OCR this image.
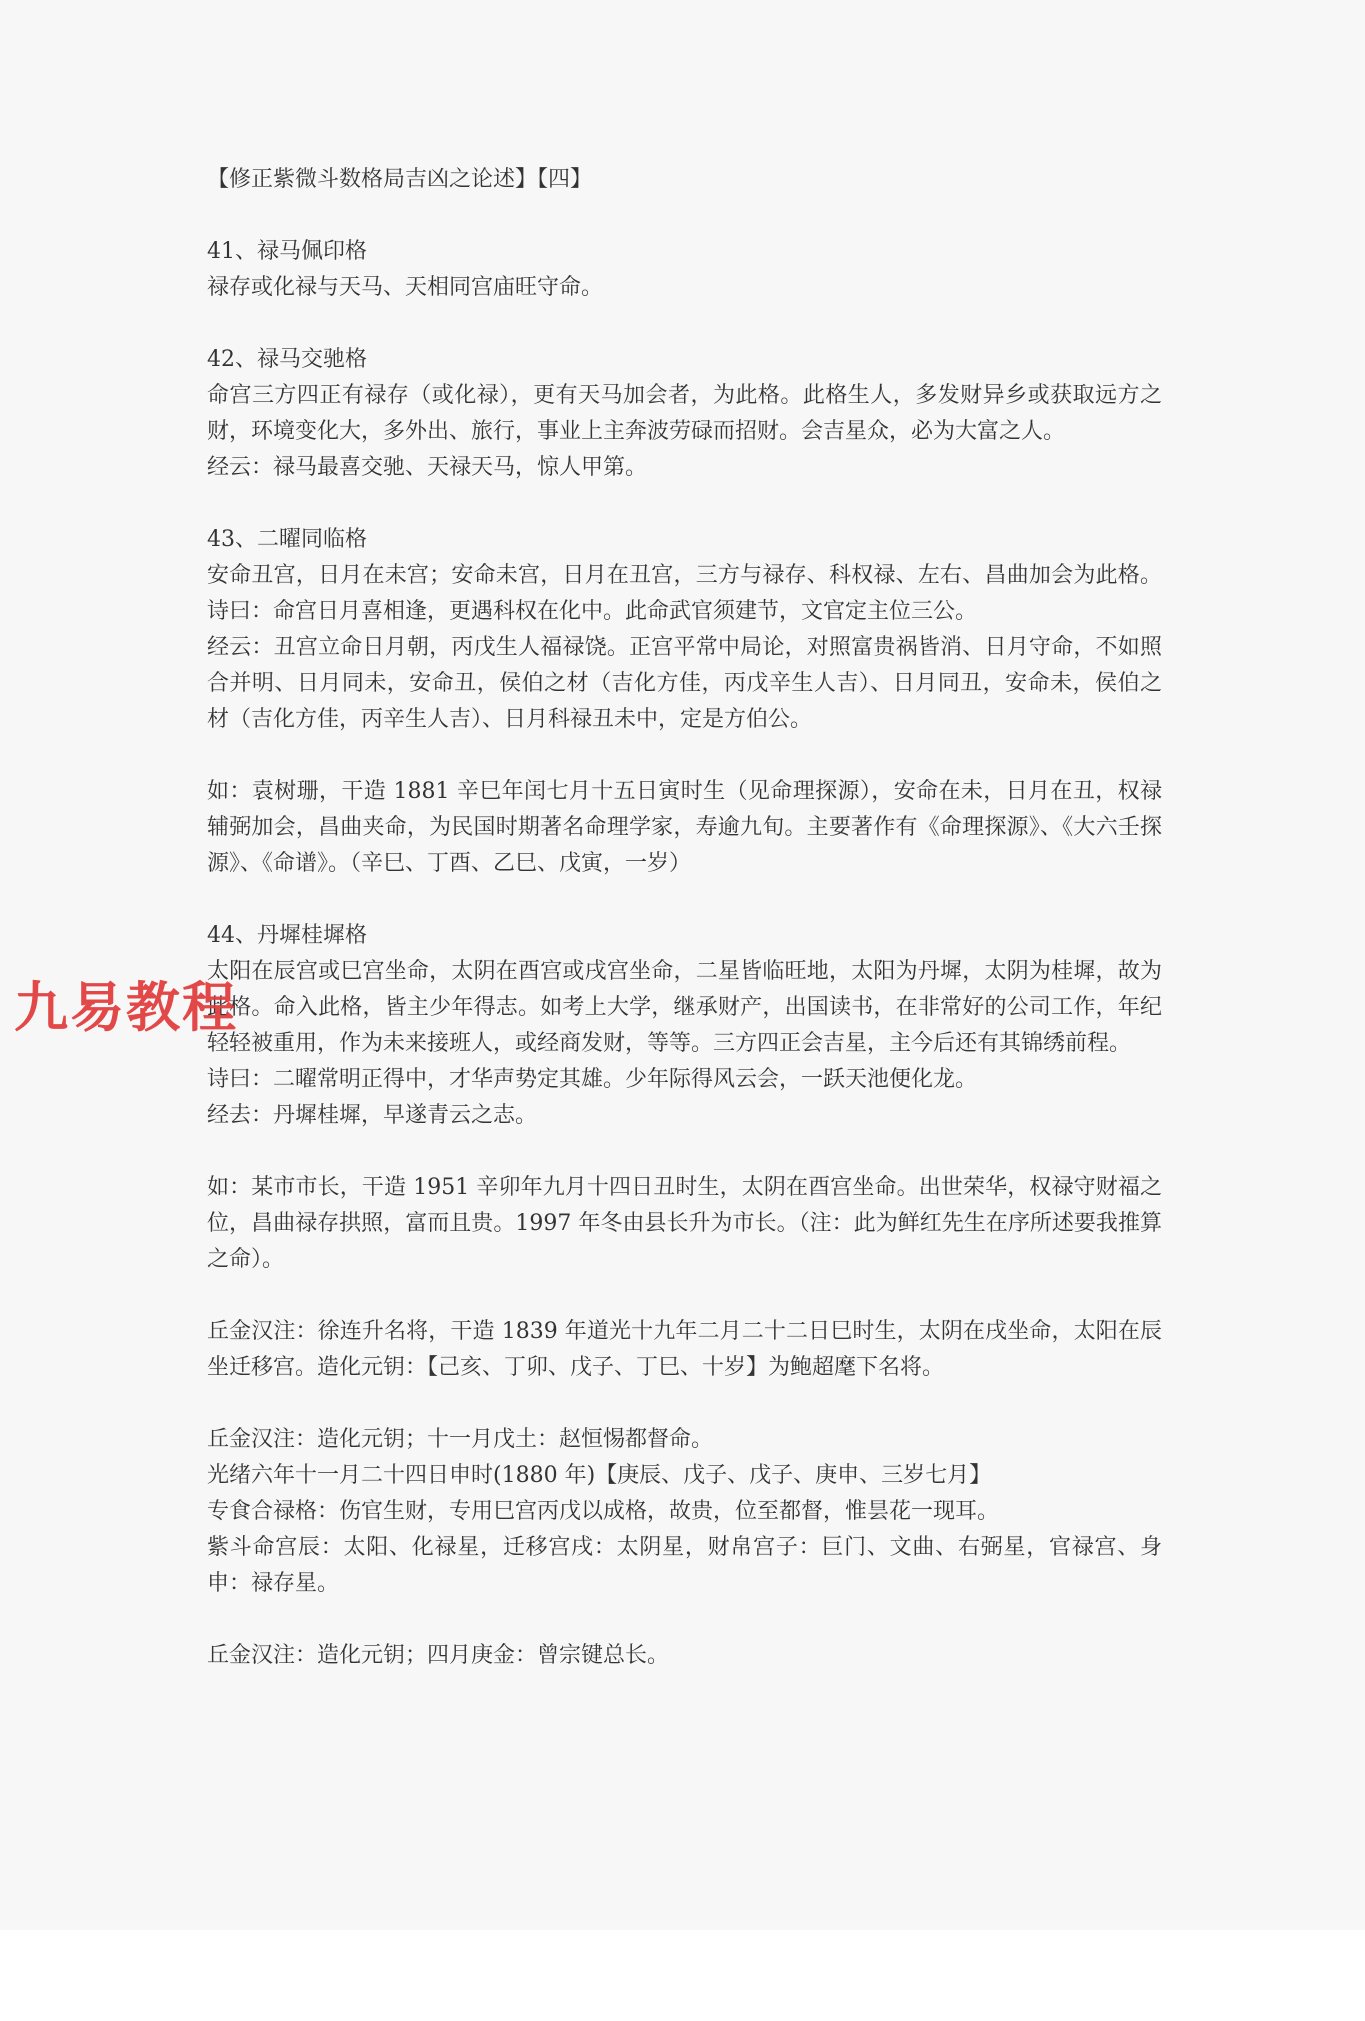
【修正紫微斗数格局吉凶之论述】【四】
41、禄马佩印格
禄存或化禄与天马、天相同宫庙旺守命。
42、禄马交驰格
命宫三方四正有禄存（或化禄），更有天马加会者，为此格。此格生人，多发财异乡或获取远方之财，环境变化大，多外出、旅行，事业上主奔波劳碌而招财。会吉星众，必为大富之人。
经云：禄马最喜交驰、天禄天马，惊人甲第。
43、二曜同临格
安命丑宫，日月在未宫；安命未宫，日月在丑宫，三方与禄存、科权禄、左右、昌曲加会为此格。诗曰：命宫日月喜相逢，更遇科权在化中。此命武官须建节，文官定主位三公。
经云：丑宫立命日月朝，丙戊生人福禄饶。正宫平常中局论，对照富贵祸皆消、日月守命，不如照合并明、日月同未，安命丑，侯伯之材（吉化方佳，丙戊辛生人吉）、日月同丑，安命未，侯伯之材（吉化方佳，丙辛生人吉）、日月科禄丑未中，定是方伯公。
如：袁树珊，干造 1881 辛巳年闰七月十五日寅时生（见命理探源），安命在未，日月在丑，权禄辅弼加会，昌曲夹命，为民国时期著名命理学家，寿逾九旬。主要著作有《命理探源》、《大六壬探源》、《命谱》。（辛巳、丁酉、乙巳、戊寅，一岁）
44、丹墀桂墀格
太阳在辰宫或巳宫坐命，太阴在酉宫或戌宫坐命，二星皆临旺地，太阳为丹墀，太阴为桂墀，故为此格。命入此格，皆主少年得志。如考上大学，继承财产，出国读书，在非常好的公司工作，年纪轻轻被重用，作为未来接班人，或经商发财，等等。三方四正会吉星，主今后还有其锦绣前程。
诗曰：二曜常明正得中，才华声势定其雄。少年际得风云会，一跃天池便化龙。
经去：丹墀桂墀，早遂青云之志。
如：某市市长，干造 1951 辛卯年九月十四日丑时生，太阴在酉宫坐命。出世荣华，权禄守财福之位，昌曲禄存拱照，富而且贵。1997 年冬由县长升为市长。（注：此为鲜红先生在序所述要我推算之命）。
丘金汉注：徐连升名将，干造 1839 年道光十九年二月二十二日巳时生，太阴在戌坐命，太阳在辰坐迁移宫。造化元钥：【己亥、丁卯、戊子、丁巳、十岁】为鲍超麾下名将。
丘金汉注：造化元钥；十一月戊土：赵恒惕都督命。
光绪六年十一月二十四日申时(1880 年)【庚辰、戊子、戊子、庚申、三岁七月】
专食合禄格：伤官生财，专用巳宫丙戊以成格，故贵，位至都督，惟昙花一现耳。
紫斗命宫辰：太阳、化禄星，迁移宫戌：太阴星，财帛宫子：巨门、文曲、右弼星，官禄宫、身申：禄存星。
丘金汉注：造化元钥；四月庚金：曾宗键总长。
九易教程
